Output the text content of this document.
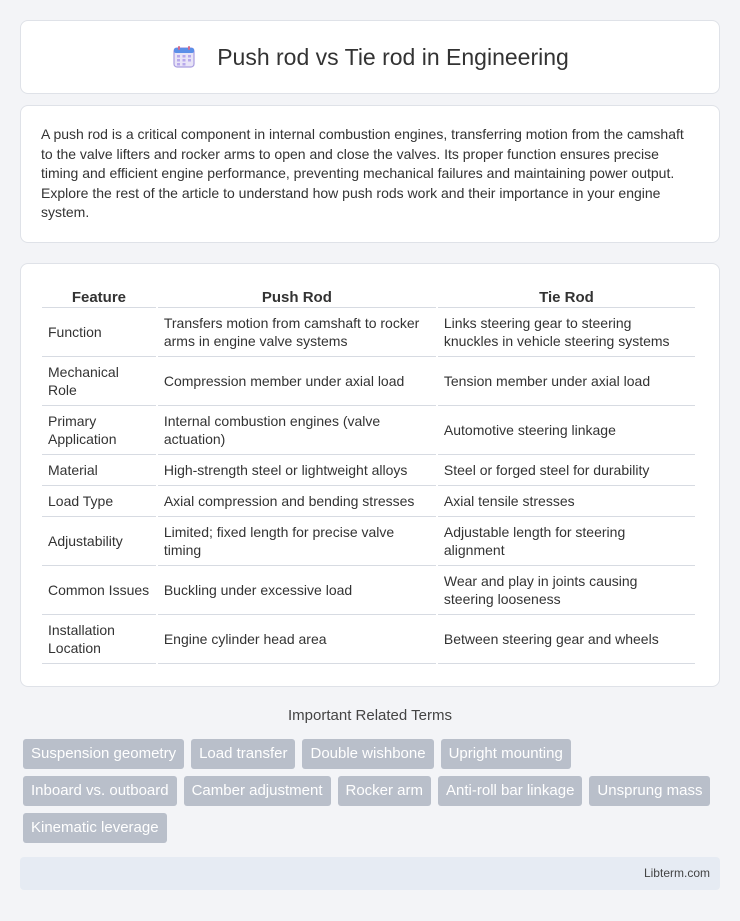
Push rod vs Tie rod in Engineering

A push rod is a critical component in internal combustion engines, transferring motion from the camshaft to the valve lifters and rocker arms to open and close the valves. Its proper function ensures precise timing and efficient engine performance, preventing mechanical failures and maintaining power output. Explore the rest of the article to understand how push rods work and their importance in your engine system.

Feature	Push Rod	Tie Rod
Function	Transfers motion from camshaft to rocker arms in engine valve systems	Links steering gear to steering knuckles in vehicle steering systems
Mechanical Role	Compression member under axial load	Tension member under axial load
Primary Application	Internal combustion engines (valve actuation)	Automotive steering linkage
Material	High-strength steel or lightweight alloys	Steel or forged steel for durability
Load Type	Axial compression and bending stresses	Axial tensile stresses
Adjustability	Limited; fixed length for precise valve timing	Adjustable length for steering alignment
Common Issues	Buckling under excessive load	Wear and play in joints causing steering looseness
Installation Location	Engine cylinder head area	Between steering gear and wheels
Important Related Terms
Suspension geometry	Load transfer	Double wishbone	Upright mounting
Inboard vs. outboard	Camber adjustment	Rocker arm	Anti-roll bar linkage	Unsprung mass
Kinematic leverage
Libterm.com
